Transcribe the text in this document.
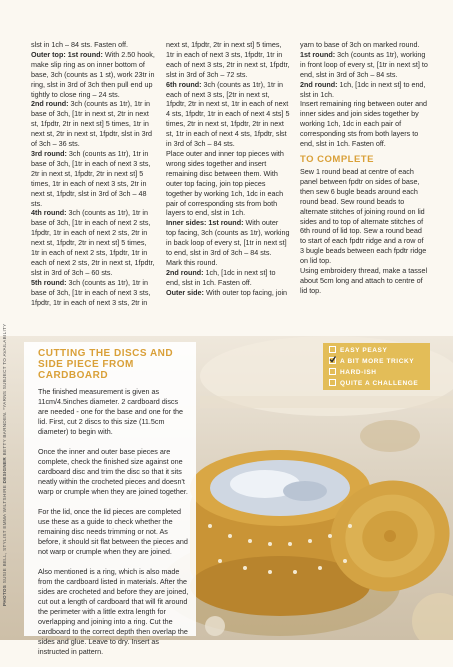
slst in 1ch – 84 sts. Fasten off.

Outer top: 1st round: With 2.50 hook, make slip ring as on inner bottom of base, 3ch (counts as 1 st), work 23tr in ring, slst in 3rd of 3ch then pull end up tightly to close ring – 24 sts.

2nd round: 3ch (counts as 1tr), 1tr in base of 3ch, [1tr in next st, 2tr in next st, 1fpdtr, 2tr in next st] 5 times, 1tr in next st, 2tr in next st, 1fpdtr, slst in 3rd of 3ch – 36 sts.

3rd round: 3ch (counts as 1tr), 1tr in base of 3ch, [1tr in each of next 3 sts, 2tr in next st, 1fpdtr, 2tr in next st] 5 times, 1tr in each of next 3 sts, 2tr in next st, 1fpdtr, slst in 3rd of 3ch – 48 sts.

4th round: 3ch (counts as 1tr), 1tr in base of 3ch, [1tr in each of next 2 sts, 1fpdtr, 1tr in each of next 2 sts, 2tr in next st, 1fpdtr, 2tr in next st] 5 times, 1tr in each of next 2 sts, 1fpdtr, 1tr in each of next 2 sts, 2tr in next st, 1fpdtr, slst in 3rd of 3ch – 60 sts.

5th round: 3ch (counts as 1tr), 1tr in base of 3ch, [1tr in each of next 3 sts, 1fpdtr, 1tr in each of next 3 sts, 2tr in

next st, 1fpdtr, 2tr in next st] 5 times, 1tr in each of next 3 sts, 1fpdtr, 1tr in each of next 3 sts, 2tr in next st, 1fpdtr, slst in 3rd of 3ch – 72 sts.

6th round: 3ch (counts as 1tr), 1tr in each of next 3 sts, [2tr in next st, 1fpdtr, 2tr in next st, 1tr in each of next 4 sts, 1fpdtr, 1tr in each of next 4 sts] 5 times, 2tr in next st, 1fpdtr, 2tr in next st, 1tr in each of next 4 sts, 1fpdtr, slst in 3rd of 3ch – 84 sts.

Place outer and inner top pieces with wrong sides together and insert remaining disc between them. With outer top facing, join top pieces together by working 1ch, 1dc in each pair of corresponding sts from both layers to end, slst in 1ch.

Inner sides: 1st round: With outer top facing, 3ch (counts as 1tr), working in back loop of every st, [1tr in next st] to end, slst in 3rd of 3ch – 84 sts.

Mark this round.

2nd round: 1ch, [1dc in next st] to end, slst in 1ch. Fasten off.

Outer side: With outer top facing, join

yarn to base of 3ch on marked round.

1st round: 3ch (counts as 1tr), working in front loop of every st, [1tr in next st] to end, slst in 3rd of 3ch – 84 sts.

2nd round: 1ch, [1dc in next st] to end, slst in 1ch.

Insert remaining ring between outer and inner sides and join sides together by working 1ch, 1dc in each pair of corresponding sts from both layers to end, slst in 1ch. Fasten off.

TO COMPLETE

Sew 1 round bead at centre of each panel between fpdtr on sides of base, then sew 6 bugle beads around each round bead. Sew round beads to alternate stitches of joining round on lid sides and to top of alternate stitches of 6th round of lid top. Sew a round bead to start of each fpdtr ridge and a row of 3 bugle beads between each fpdtr ridge on lid top.

Using embroidery thread, make a tassel about 5cm long and attach to centre of lid top.

CUTTING THE DISCS AND SIDE PIECE FROM CARDBOARD

The finished measurement is given as 11cm/4.5inches diameter. 2 cardboard discs are needed - one for the base and one for the lid. First, cut 2 discs to this size (11.5cm diameter) to begin with.

Once the inner and outer base pieces are complete, check the finished size against one cardboard disc and trim the disc so that it sits neatly within the crocheted pieces and doesn't warp or crumple when they are joined together.

For the lid, once the lid pieces are completed use these as a guide to check whether the remaining disc needs trimming or not. As before, it should sit flat between the pieces and not warp or crumple when they are joined.

Also mentioned is a ring, which is also made from the cardboard listed in materials. After the sides are crocheted and before they are joined, cut out a length of cardboard that will fit around the perimeter with a little extra length for overlapping and joining into a ring. Cut the cardboard to the correct depth then overlap the sides and glue. Leave to dry. Insert as instructed in pattern.

EASY PEASY
A BIT MORE TRICKY
HARD-ISH
QUITE A CHALLENGE
PHOTOS SUSIE BELL, STYLIST EMMA WILTSHIRE DESIGNER BETTY BARNDEN. *YARNS SUBJECT TO AVAILABILITY
